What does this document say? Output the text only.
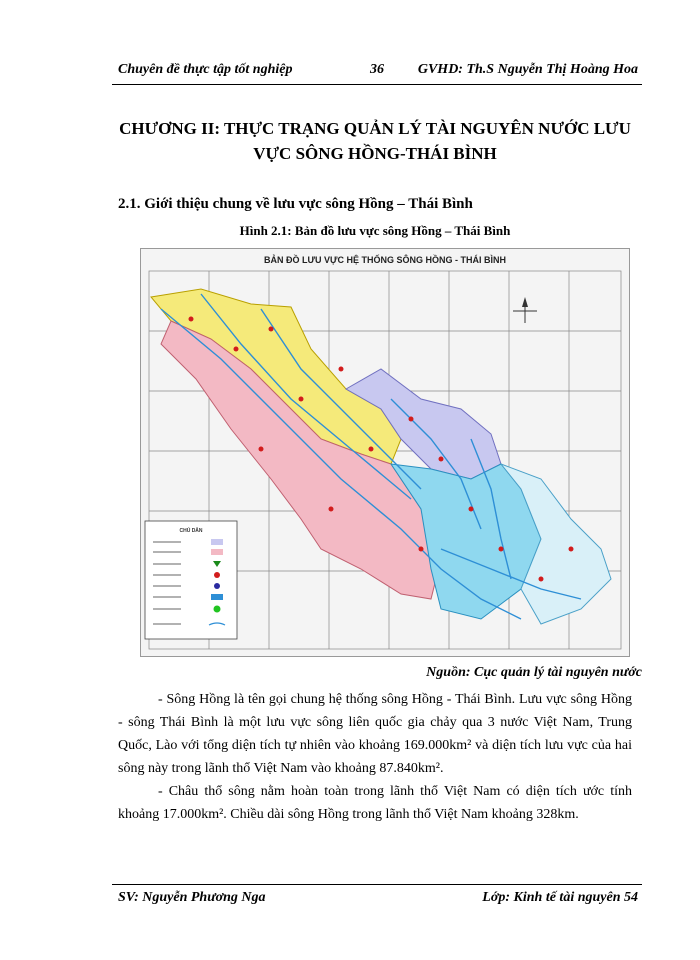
Chuyên đề thực tập tốt nghiệp	36 GVHD: Th.S Nguyễn Thị Hoàng Hoa
CHƯƠNG II: THỰC TRẠNG QUẢN LÝ TÀI NGUYÊN NƯỚC LƯU
VỰC SÔNG HỒNG-THÁI BÌNH
2.1. Giới thiệu chung về lưu vực sông Hồng – Thái Bình
Hình 2.1: Bản đồ lưu vực sông Hồng – Thái Bình
BẢN ĐỒ LƯU VỰC HỆ THỐNG SÔNG HỒNG - THÁI BÌNH
CHÚ DẪN
Nguồn: Cục quản lý tài nguyên nước
- Sông Hồng là tên gọi chung hệ thống sông Hồng - Thái Bình. Lưu vực sông Hồng - sông Thái Bình là một lưu vực sông liên quốc gia chảy qua 3 nước Việt Nam, Trung Quốc, Lào với tổng diện tích tự nhiên vào khoảng 169.000km² và diện tích lưu vực của hai sông này trong lãnh thổ Việt Nam vào khoảng 87.840km².
- Châu thổ sông nằm hoàn toàn trong lãnh thổ Việt Nam có diện tích ước tính khoảng 17.000km². Chiều dài sông Hồng trong lãnh thổ Việt Nam khoảng 328km.
SV: Nguyễn Phương Nga	Lớp: Kinh tế tài nguyên 54
